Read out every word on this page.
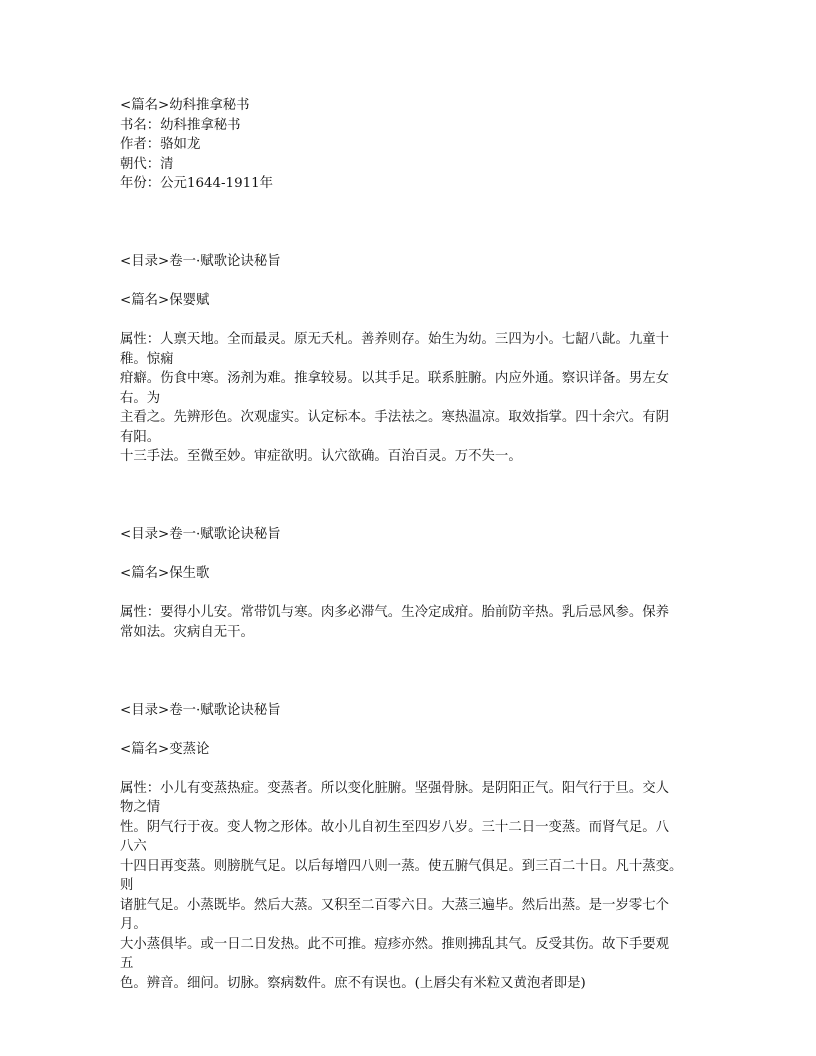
<篇名>幼科推拿秘书
书名：幼科推拿秘书
作者：骆如龙
朝代：清
年份：公元1644-1911年
<目录>卷一·赋歌论诀秘旨
<篇名>保婴赋
属性：人禀天地。全而最灵。原无夭札。善养则存。始生为幼。三四为小。七龆八龀。九童十
稚。惊痫
疳癖。伤食中寒。汤剂为难。推拿较易。以其手足。联系脏腑。内应外通。察识详备。男左女
右。为
主看之。先辨形色。次观虚实。认定标本。手法祛之。寒热温凉。取效指掌。四十余穴。有阴
有阳。
十三手法。至微至妙。审症欲明。认穴欲确。百治百灵。万不失一。
<目录>卷一·赋歌论诀秘旨
<篇名>保生歌
属性：要得小儿安。常带饥与寒。肉多必滞气。生冷定成疳。胎前防辛热。乳后忌风参。保养
常如法。灾病自无干。
<目录>卷一·赋歌论诀秘旨
<篇名>变蒸论
属性：小儿有变蒸热症。变蒸者。所以变化脏腑。坚强骨脉。是阴阳正气。阳气行于旦。交人
物之情
性。阴气行于夜。变人物之形体。故小儿自初生至四岁八岁。三十二日一变蒸。而肾气足。八
八六
十四日再变蒸。则膀胱气足。以后每增四八则一蒸。使五腑气俱足。到三百二十日。凡十蒸变。
则
诸脏气足。小蒸既毕。然后大蒸。又积至二百零六日。大蒸三遍毕。然后出蒸。是一岁零七个
月。
大小蒸俱毕。或一日二日发热。此不可推。痘疹亦然。推则拂乱其气。反受其伤。故下手要观
五
色。辨音。细问。切脉。察病数件。庶不有误也。(上唇尖有米粒又黄泡者即是)
